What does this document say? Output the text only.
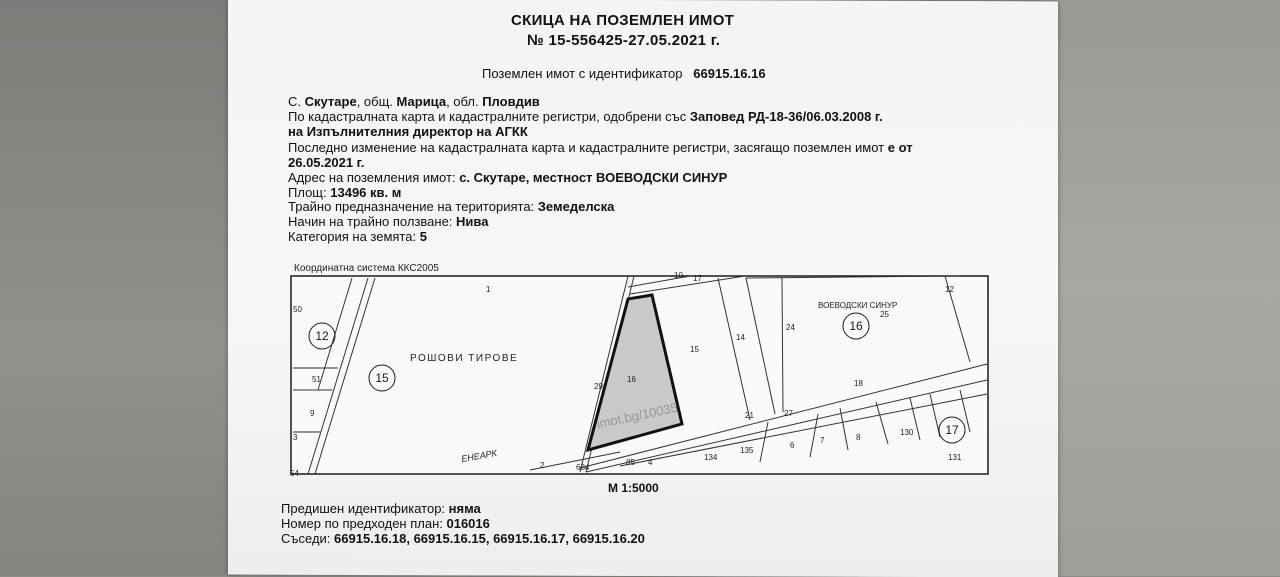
СКИЦА НА ПОЗЕМЛЕН ИМОТ
№ 15-556425-27.05.2021 г.
Поземлен имот с идентификатор 66915.16.16
С. Скутаре, общ. Марица, обл. Пловдив
По кадастралната карта и кадастралните регистри, одобрени със Заповед РД-18-36/06.03.2008 г.
на Изпълнителния директор на АГКК
Последно изменение на кадастралната карта и кадастралните регистри, засягащо поземлен имот е от
26.05.2021 г.
Адрес на поземления имот: с. Скутаре, местност ВОЕВОДСКИ СИНУР
Площ: 13496 кв. м
Трайно предназначение на територията: Земеделска
Начин на трайно ползване: Нива
Категория на земята: 5
Координатна система ККС2005
1
50
51
9
3
54
16
15
14
24
25
12
18
27
21
29
10 17
134
135
6
7	8
130
131
2	85 4
684
ВОЕВОДСКИ СИНУР
РОШОВИ ТИРОВЕ
ЕНЕАРК
12
15
16
17
imot.bg/10035
М 1:5000
Предишен идентификатор: няма
Номер по предходен план: 016016
Съседи: 66915.16.18, 66915.16.15, 66915.16.17, 66915.16.20
